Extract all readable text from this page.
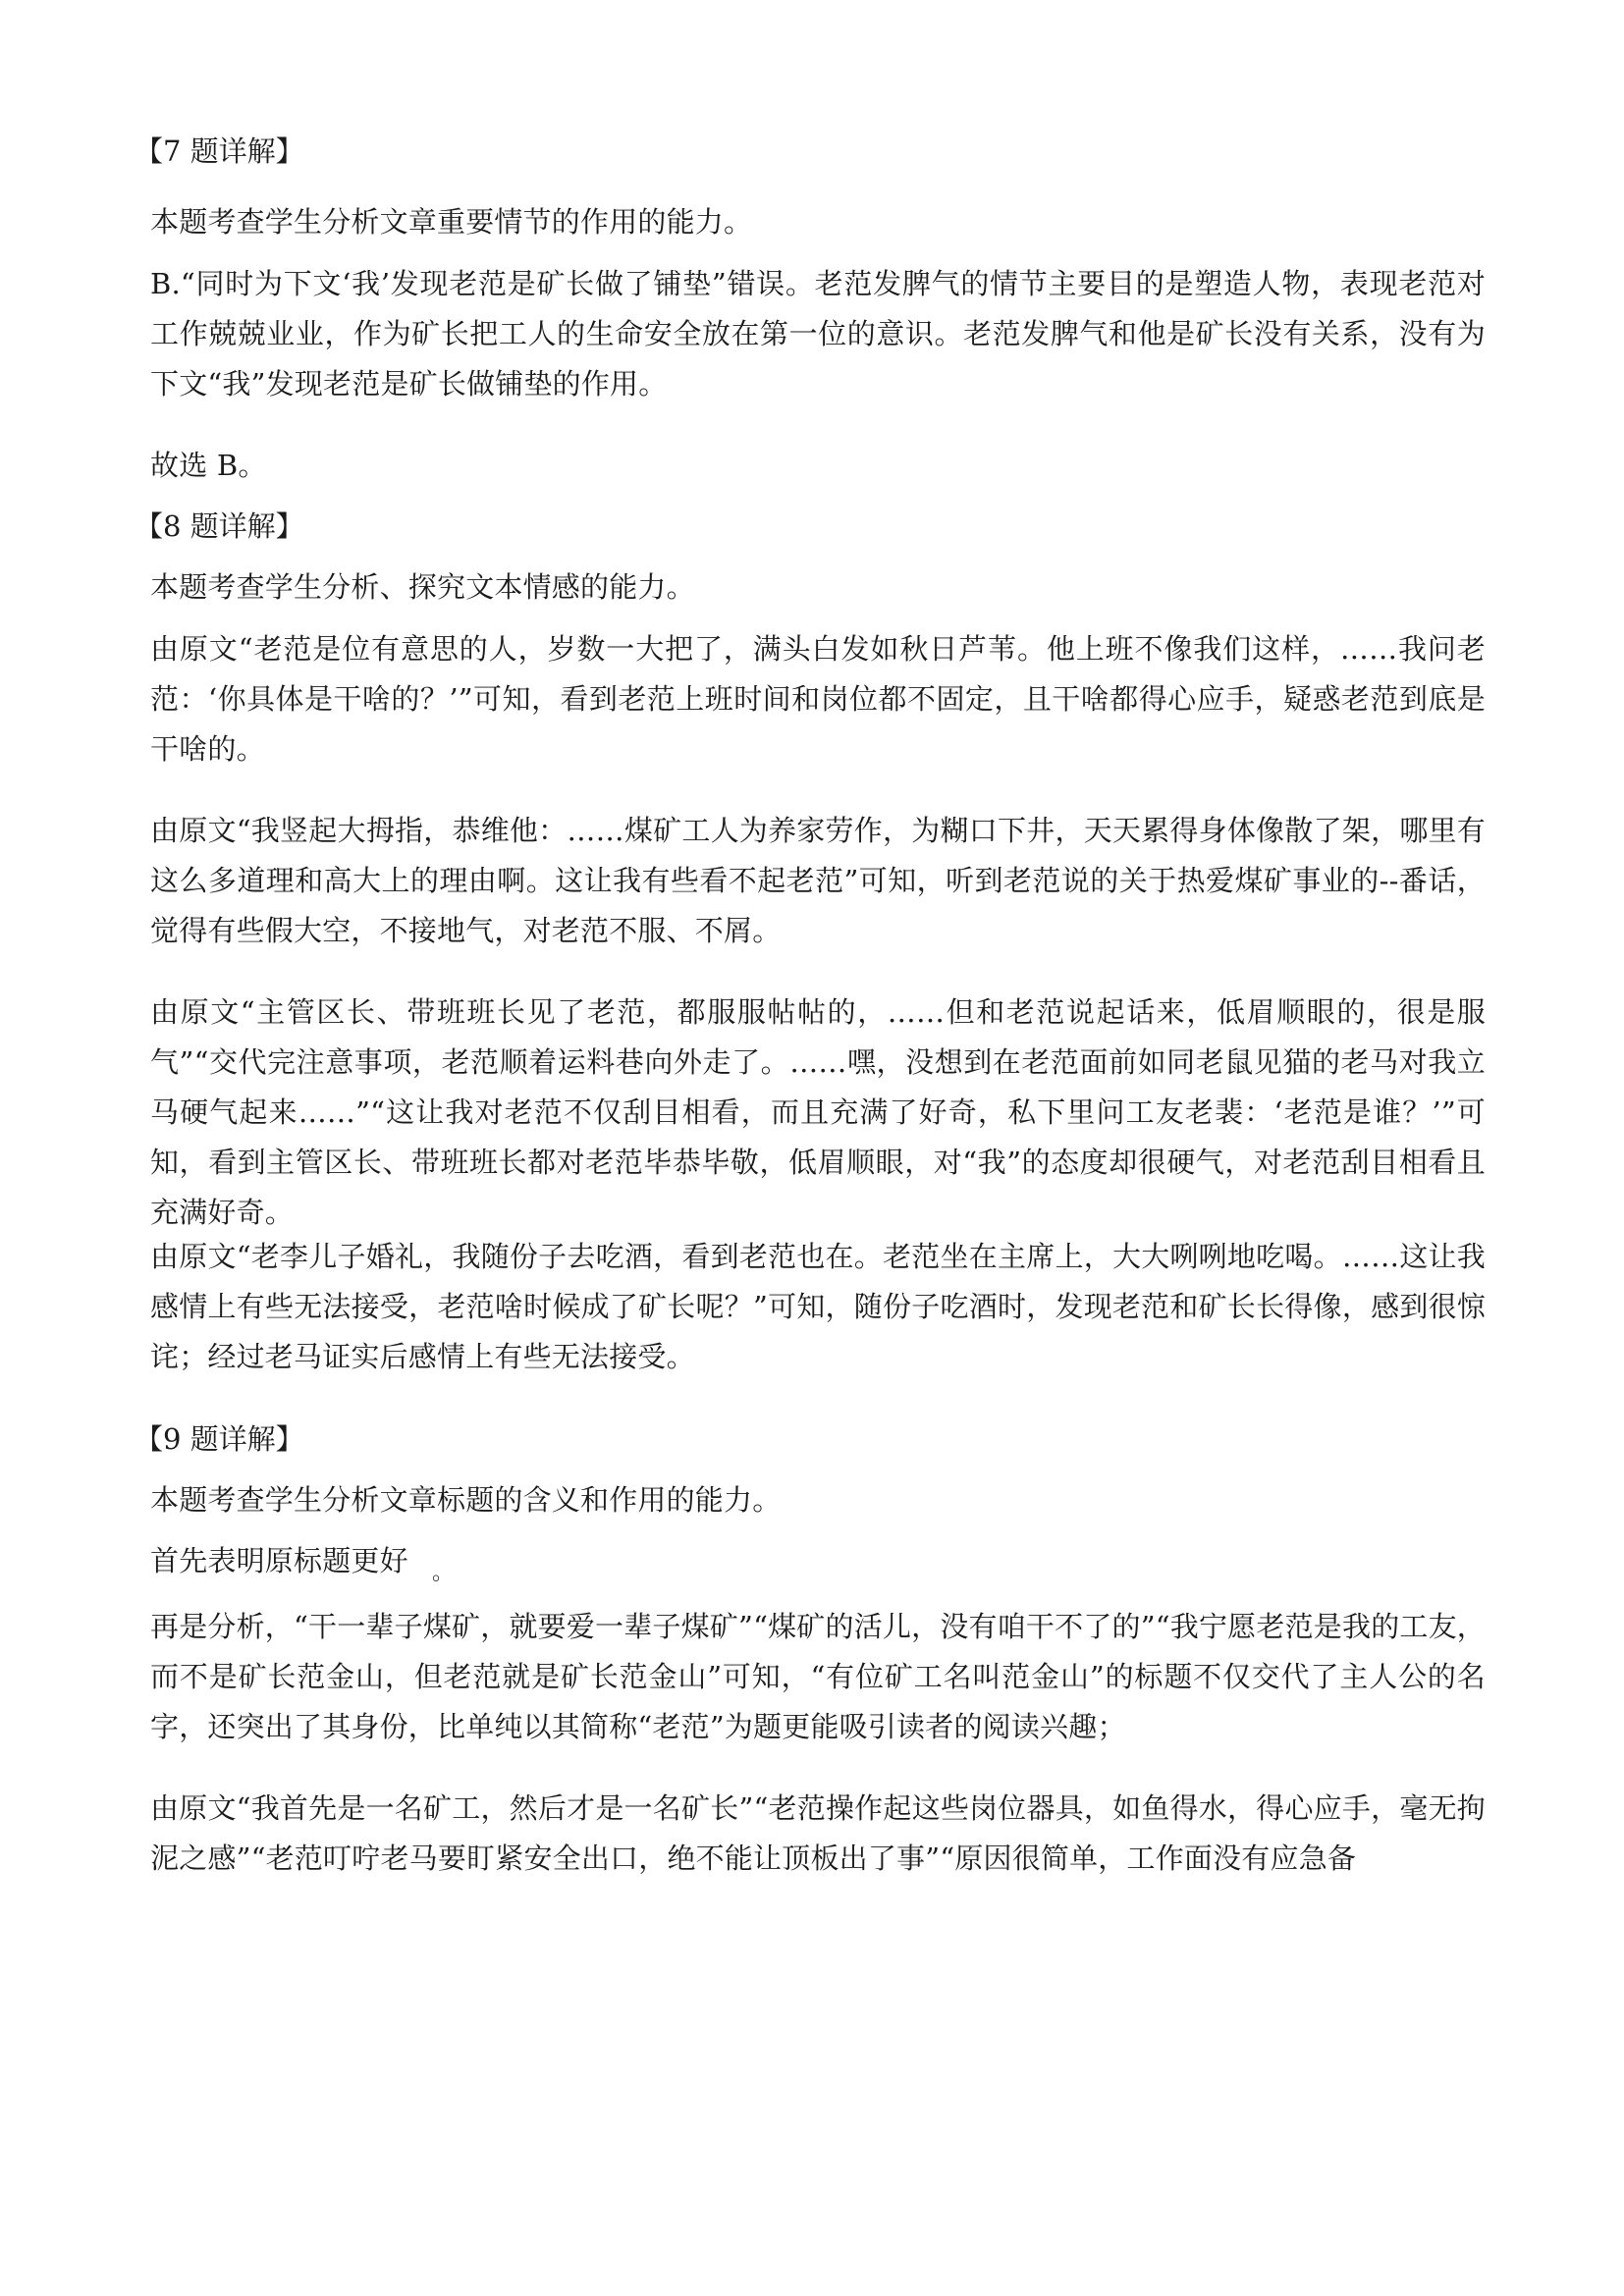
【7 题详解】

本题考查学生分析文章重要情节的作用的能力。

B.“同时为下文‘我’发现老范是矿长做了铺垫”错误。老范发脾气的情节主要目的是塑造人物，表现老范对工作兢兢业业，作为矿长把工人的生命安全放在第一位的意识。老范发脾气和他是矿长没有关系，没有为下文“我”发现老范是矿长做铺垫的作用。

故选 B。

【8 题详解】

本题考查学生分析、探究文本情感的能力。

由原文“老范是位有意思的人，岁数一大把了，满头白发如秋日芦苇。他上班不像我们这样，……我问老范：‘你具体是干啥的？’”可知，看到老范上班时间和岗位都不固定，且干啥都得心应手，疑惑老范到底是干啥的。

由原文“我竖起大拇指，恭维他：……煤矿工人为养家劳作，为糊口下井，天天累得身体像散了架，哪里有这么多道理和高大上的理由啊。这让我有些看不起老范”可知，听到老范说的关于热爱煤矿事业的--番话，觉得有些假大空，不接地气，对老范不服、不屑。

由原文“主管区长、带班班长见了老范，都服服帖帖的，……但和老范说起话来，低眉顺眼的，很是服气”“交代完注意事项，老范顺着运料巷向外走了。……嘿，没想到在老范面前如同老鼠见猫的老马对我立马硬气起来……”“这让我对老范不仅刮目相看，而且充满了好奇，私下里问工友老裴：‘老范是谁？’”可知，看到主管区长、带班班长都对老范毕恭毕敬，低眉顺眼，对“我”的态度却很硬气，对老范刮目相看且充满好奇。

由原文“老李儿子婚礼，我随份子去吃酒，看到老范也在。老范坐在主席上，大大咧咧地吃喝。……这让我感情上有些无法接受，老范啥时候成了矿长呢？”可知，随份子吃酒时，发现老范和矿长长得像，感到很惊诧；经过老马证实后感情上有些无法接受。

【9 题详解】

本题考查学生分析文章标题的含义和作用的能力。

首先表明原标题更好	。

再是分析，“干一辈子煤矿，就要爱一辈子煤矿”“煤矿的活儿，没有咱干不了的”“我宁愿老范是我的工友，而不是矿长范金山，但老范就是矿长范金山”可知，“有位矿工名叫范金山”的标题不仅交代了主人公的名字，还突出了其身份，比单纯以其简称“老范”为题更能吸引读者的阅读兴趣；

由原文“我首先是一名矿工，然后才是一名矿长”“老范操作起这些岗位器具，如鱼得水，得心应手，毫无拘泥之感”“老范叮咛老马要盯紧安全出口，绝不能让顶板出了事”“原因很简单，工作面没有应急备
